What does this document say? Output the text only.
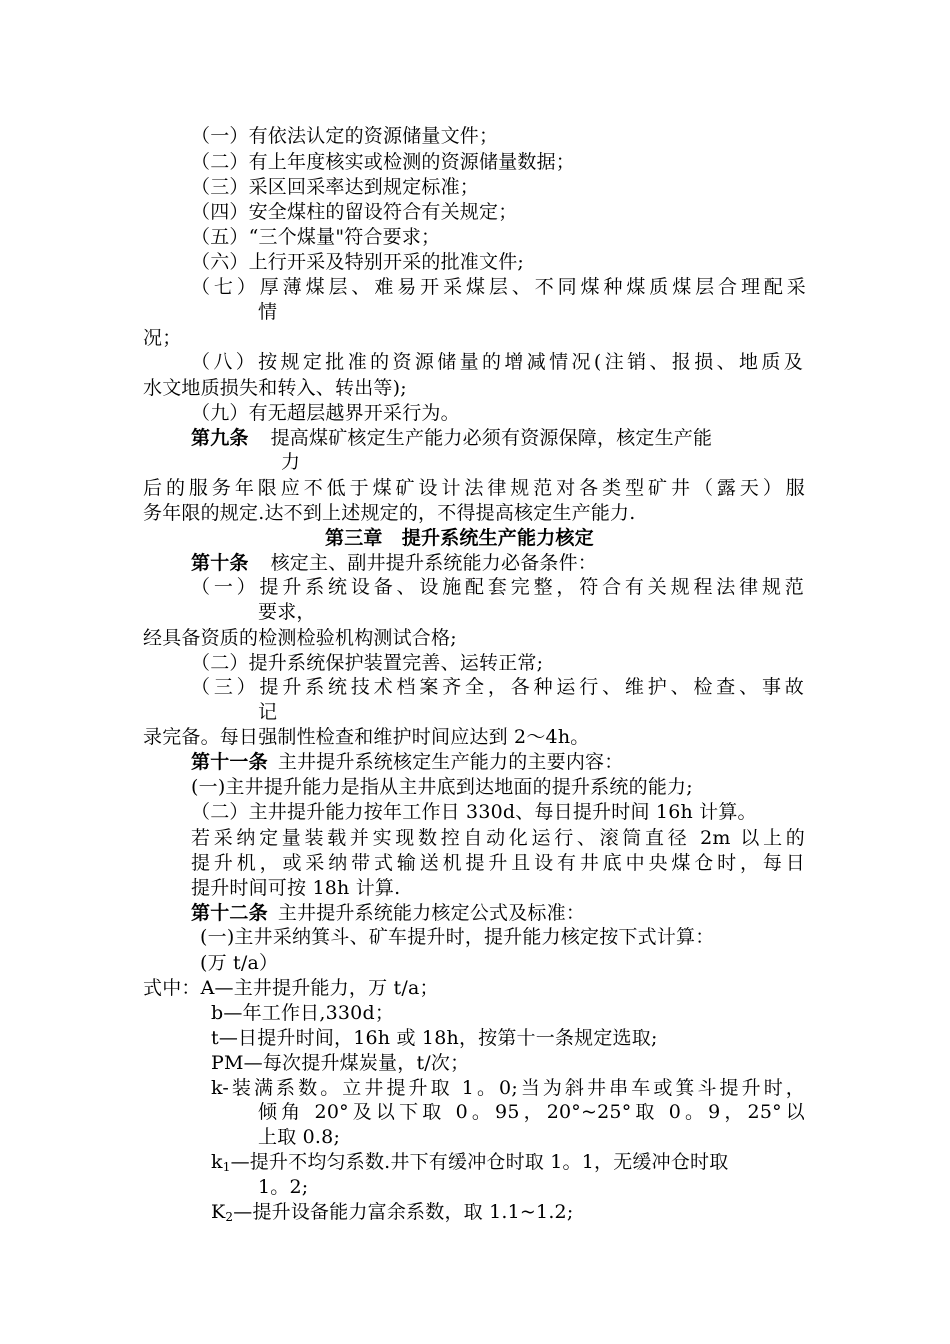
（一）有依法认定的资源储量文件；
（二）有上年度核实或检测的资源储量数据；
（三）采区回采率达到规定标准；
（四）安全煤柱的留设符合有关规定；
（五）“三个煤量"符合要求；
（六）上行开采及特别开采的批准文件;
（七）厚薄煤层、难易开采煤层、不同煤种煤质煤层合理配采
情
况；
（八）按规定批准的资源储量的增减情况(注销、报损、地质及
水文地质损失和转入、转出等);
（九）有无超层越界开采行为。
第九条 提高煤矿核定生产能力必须有资源保障，核定生产能
力
后的服务年限应不低于煤矿设计法律规范对各类型矿井（露天）服
务年限的规定.达不到上述规定的，不得提高核定生产能力.
第三章　提升系统生产能力核定
第十条 核定主、副井提升系统能力必备条件：
（一）提升系统设备、设施配套完整，符合有关规程法律规范
要求，
经具备资质的检测检验机构测试合格;
（二）提升系统保护装置完善、运转正常;
（三）提升系统技术档案齐全，各种运行、维护、检查、事故
记
录完备。每日强制性检查和维护时间应达到 2～4h。
第十一条 主井提升系统核定生产能力的主要内容：
(一)主井提升能力是指从主井底到达地面的提升系统的能力;
（二）主井提升能力按年工作日 330d、每日提升时间 16h 计算。
若采纳定量装载并实现数控自动化运行、滚筒直径 2m 以上的
提升机，或采纳带式输送机提升且设有井底中央煤仓时，每日
提升时间可按 18h 计算.
第十二条 主井提升系统能力核定公式及标准：
(一)主井采纳箕斗、矿车提升时，提升能力核定按下式计算：
(万 t/a）
式中：A—主井提升能力，万 t/a；
b—年工作日,330d；
t—日提升时间，16h 或 18h，按第十一条规定选取;
PM—每次提升煤炭量，t/次；
k-装满系数。立井提升取 1。0;当为斜井串车或箕斗提升时，
倾角 20°及以下取 0。95，20°~25°取 0。9，25°以
上取 0.8;
$k_1—$提升不均匀系数.井下有缓冲仓时取 1。1，无缓冲仓时取
1。2;
$K_2—$提升设备能力富余系数，取 1.1~1.2;
